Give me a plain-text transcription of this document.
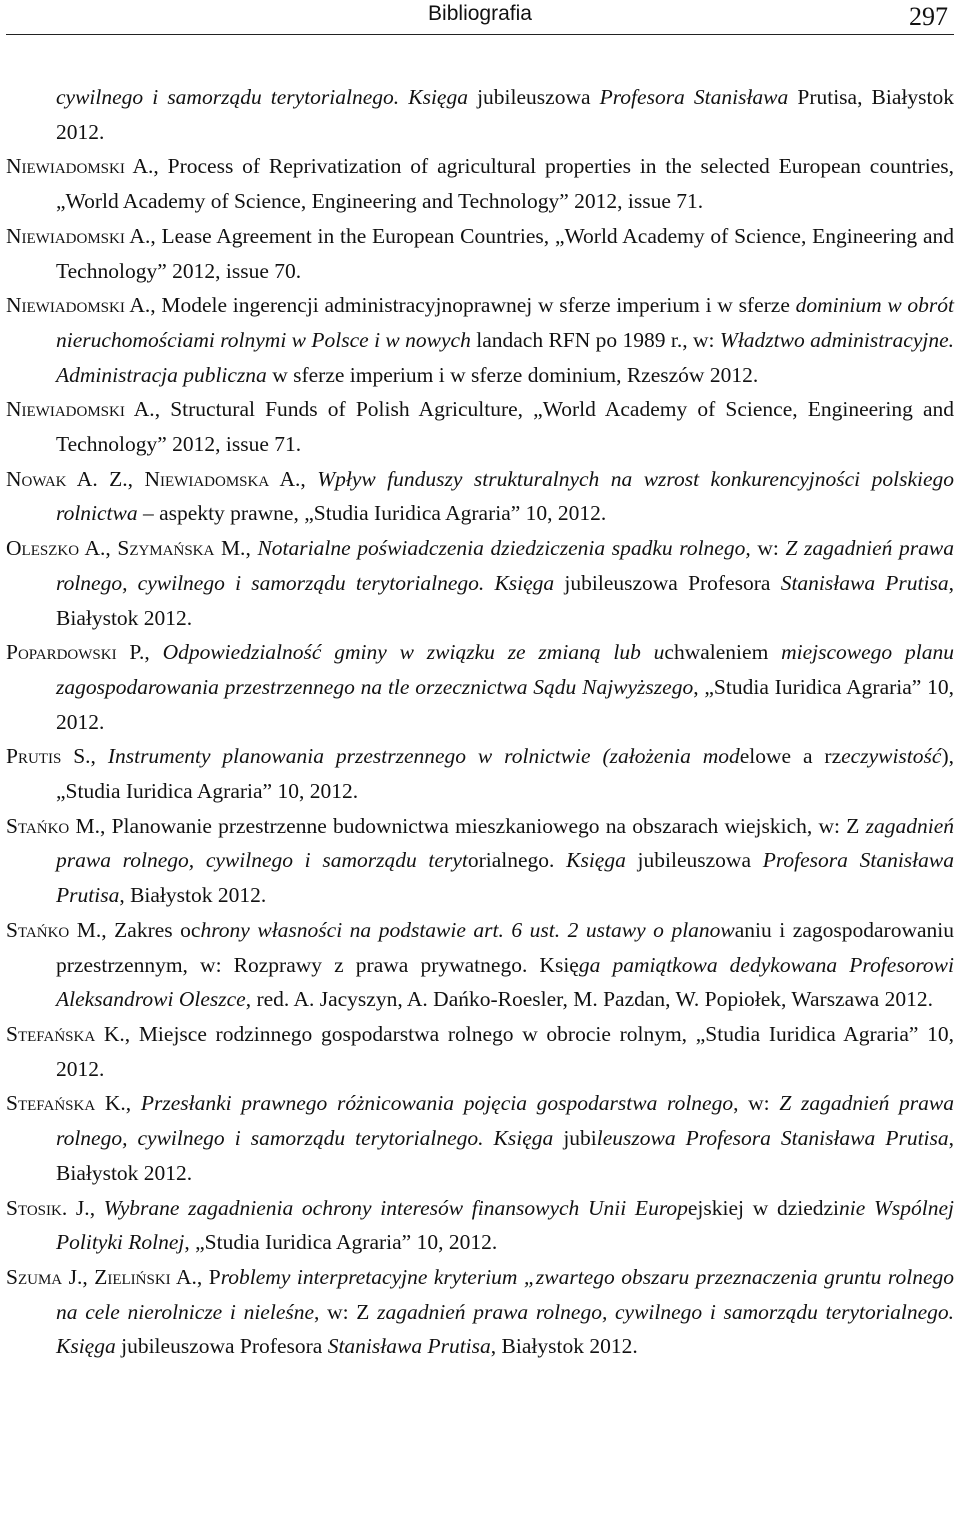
Bibliografia	297

cywilnego i samorządu terytorialnego. Księga jubileuszowa Profesora Stanisława Prutisa, Białystok 2012.

Niewiadomski A., Process of Reprivatization of agricultural properties in the selected European countries, „World Academy of Science, Engineering and Technology” 2012, issue 71.

Niewiadomski A., Lease Agreement in the European Countries, „World Academy of Science, Engineering and Technology” 2012, issue 70.

Niewiadomski A., Modele ingerencji administracyjnoprawnej w sferze imperium i w sferze dominium w obrót nieruchomościami rolnymi w Polsce i w nowych landach RFN po 1989 r., w: Władztwo administracyjne. Administracja publiczna w sferze imperium i w sferze dominium, Rzeszów 2012.

Niewiadomski A., Structural Funds of Polish Agriculture, „World Academy of Science, Engineering and Technology” 2012, issue 71.

Nowak A. Z., Niewiadomska A., Wpływ funduszy strukturalnych na wzrost konkurencyjności polskiego rolnictwa – aspekty prawne, „Studia Iuridica Agraria” 10, 2012.

Oleszko A., Szymańska M., Notarialne poświadczenia dziedziczenia spadku rolnego, w: Z zagadnień prawa rolnego, cywilnego i samorządu terytorialnego. Księga jubileuszowa Profesora Stanisława Prutisa, Białystok 2012.

Popardowski P., Odpowiedzialność gminy w związku ze zmianą lub uchwaleniem miejscowego planu zagospodarowania przestrzennego na tle orzecznictwa Sądu Najwyższego, „Studia Iuridica Agraria” 10, 2012.

Prutis S., Instrumenty planowania przestrzennego w rolnictwie (założenia modelowe a rzeczywistość), „Studia Iuridica Agraria” 10, 2012.

Stańko M., Planowanie przestrzenne budownictwa mieszkaniowego na obszarach wiejskich, w: Z zagadnień prawa rolnego, cywilnego i samorządu terytorialnego. Księga jubileuszowa Profesora Stanisława Prutisa, Białystok 2012.

Stańko M., Zakres ochrony własności na podstawie art. 6 ust. 2 ustawy o planowaniu i zagospodarowaniu przestrzennym, w: Rozprawy z prawa prywatnego. Księga pamiątkowa dedykowana Profesorowi Aleksandrowi Oleszce, red. A. Jacyszyn, A. Dańko-Roesler, M. Pazdan, W. Popiołek, Warszawa 2012.

Stefańska K., Miejsce rodzinnego gospodarstwa rolnego w obrocie rolnym, „Studia Iuridica Agraria” 10, 2012.

Stefańska K., Przesłanki prawnego różnicowania pojęcia gospodarstwa rolnego, w: Z zagadnień prawa rolnego, cywilnego i samorządu terytorialnego. Księga jubileuszowa Profesora Stanisława Prutisa, Białystok 2012.

Stosik. J., Wybrane zagadnienia ochrony interesów finansowych Unii Europejskiej w dziedzinie Wspólnej Polityki Rolnej, „Studia Iuridica Agraria” 10, 2012.

Szuma J., Zieliński A., Problemy interpretacyjne kryterium „zwartego obszaru przeznaczenia gruntu rolnego na cele nierolnicze i nieleśne, w: Z zagadnień prawa rolnego, cywilnego i samorządu terytorialnego. Księga jubileuszowa Profesora Stanisława Prutisa, Białystok 2012.
